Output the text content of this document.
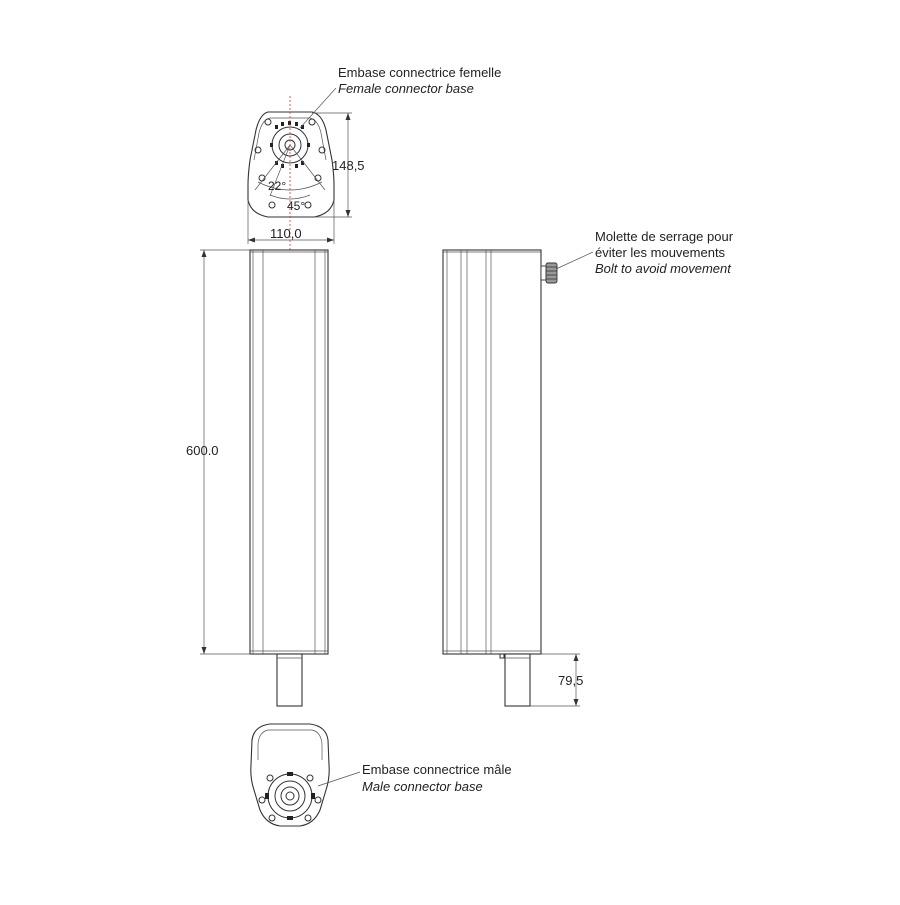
22°
45°
148,5
110,0
Embase connectrice femelle
Female connector base
600.0
Molette de serrage pour
éviter les mouvements
Bolt to avoid movement
79,5
Embase connectrice mâle
Male connector base
